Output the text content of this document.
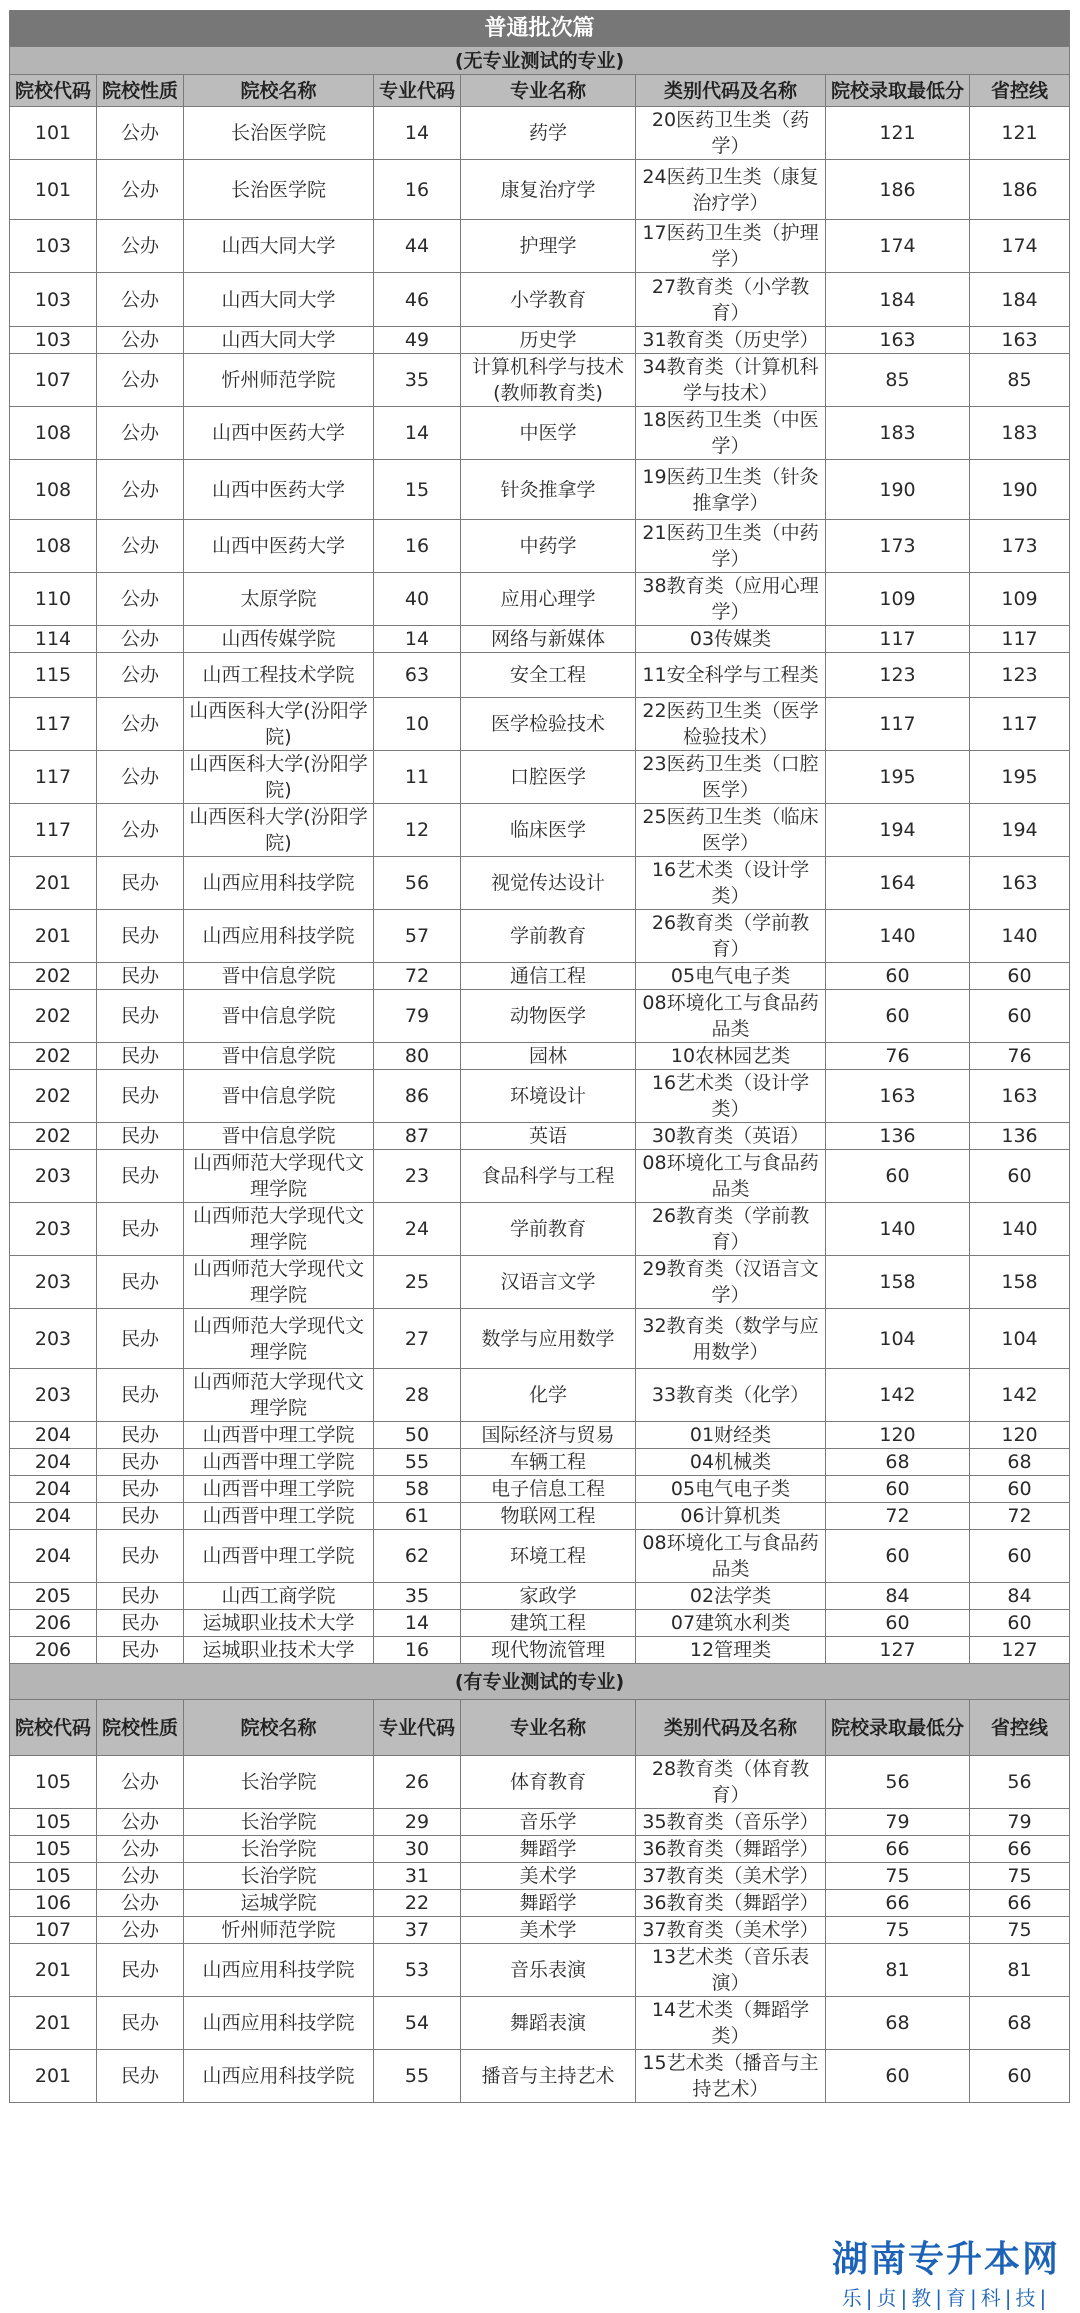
普通批次篇							
(无专业测试的专业)							
院校代码	院校性质	院校名称	专业代码	专业名称	类别代码及名称	院校录取最低分	省控线
101	公办	长治医学院	14	药学	20医药卫生类（药学）	121	121
101	公办	长治医学院	16	康复治疗学	24医药卫生类（康复治疗学）	186	186
103	公办	山西大同大学	44	护理学	17医药卫生类（护理学）	174	174
103	公办	山西大同大学	46	小学教育	27教育类（小学教育）	184	184
103	公办	山西大同大学	49	历史学	31教育类（历史学）	163	163
107	公办	忻州师范学院	35	计算机科学与技术(教师教育类)	34教育类（计算机科学与技术）	85	85
108	公办	山西中医药大学	14	中医学	18医药卫生类（中医学）	183	183
108	公办	山西中医药大学	15	针灸推拿学	19医药卫生类（针灸推拿学）	190	190
108	公办	山西中医药大学	16	中药学	21医药卫生类（中药学）	173	173
110	公办	太原学院	40	应用心理学	38教育类（应用心理学）	109	109
114	公办	山西传媒学院	14	网络与新媒体	03传媒类	117	117
115	公办	山西工程技术学院	63	安全工程	11安全科学与工程类	123	123
117	公办	山西医科大学(汾阳学院)	10	医学检验技术	22医药卫生类（医学检验技术）	117	117
117	公办	山西医科大学(汾阳学院)	11	口腔医学	23医药卫生类（口腔医学）	195	195
117	公办	山西医科大学(汾阳学院)	12	临床医学	25医药卫生类（临床医学）	194	194
201	民办	山西应用科技学院	56	视觉传达设计	16艺术类（设计学类）	164	163
201	民办	山西应用科技学院	57	学前教育	26教育类（学前教育）	140	140
202	民办	晋中信息学院	72	通信工程	05电气电子类	60	60
202	民办	晋中信息学院	79	动物医学	08环境化工与食品药品类	60	60
202	民办	晋中信息学院	80	园林	10农林园艺类	76	76
202	民办	晋中信息学院	86	环境设计	16艺术类（设计学类）	163	163
202	民办	晋中信息学院	87	英语	30教育类（英语）	136	136
203	民办	山西师范大学现代文理学院	23	食品科学与工程	08环境化工与食品药品类	60	60
203	民办	山西师范大学现代文理学院	24	学前教育	26教育类（学前教育）	140	140
203	民办	山西师范大学现代文理学院	25	汉语言文学	29教育类（汉语言文学）	158	158
203	民办	山西师范大学现代文理学院	27	数学与应用数学	32教育类（数学与应用数学）	104	104
203	民办	山西师范大学现代文理学院	28	化学	33教育类（化学）	142	142
204	民办	山西晋中理工学院	50	国际经济与贸易	01财经类	120	120
204	民办	山西晋中理工学院	55	车辆工程	04机械类	68	68
204	民办	山西晋中理工学院	58	电子信息工程	05电气电子类	60	60
204	民办	山西晋中理工学院	61	物联网工程	06计算机类	72	72
204	民办	山西晋中理工学院	62	环境工程	08环境化工与食品药品类	60	60
205	民办	山西工商学院	35	家政学	02法学类	84	84
206	民办	运城职业技术大学	14	建筑工程	07建筑水利类	60	60
206	民办	运城职业技术大学	16	现代物流管理	12管理类	127	127
(有专业测试的专业)							
院校代码	院校性质	院校名称	专业代码	专业名称	类别代码及名称	院校录取最低分	省控线
105	公办	长治学院	26	体育教育	28教育类（体育教育）	56	56
105	公办	长治学院	29	音乐学	35教育类（音乐学）	79	79
105	公办	长治学院	30	舞蹈学	36教育类（舞蹈学）	66	66
105	公办	长治学院	31	美术学	37教育类（美术学）	75	75
106	公办	运城学院	22	舞蹈学	36教育类（舞蹈学）	66	66
107	公办	忻州师范学院	37	美术学	37教育类（美术学）	75	75
201	民办	山西应用科技学院	53	音乐表演	13艺术类（音乐表演）	81	81
201	民办	山西应用科技学院	54	舞蹈表演	14艺术类（舞蹈学类）	68	68
201	民办	山西应用科技学院	55	播音与主持艺术	15艺术类（播音与主持艺术）	60	60
湖南专升本网
乐|贞|教|育|科|技|
